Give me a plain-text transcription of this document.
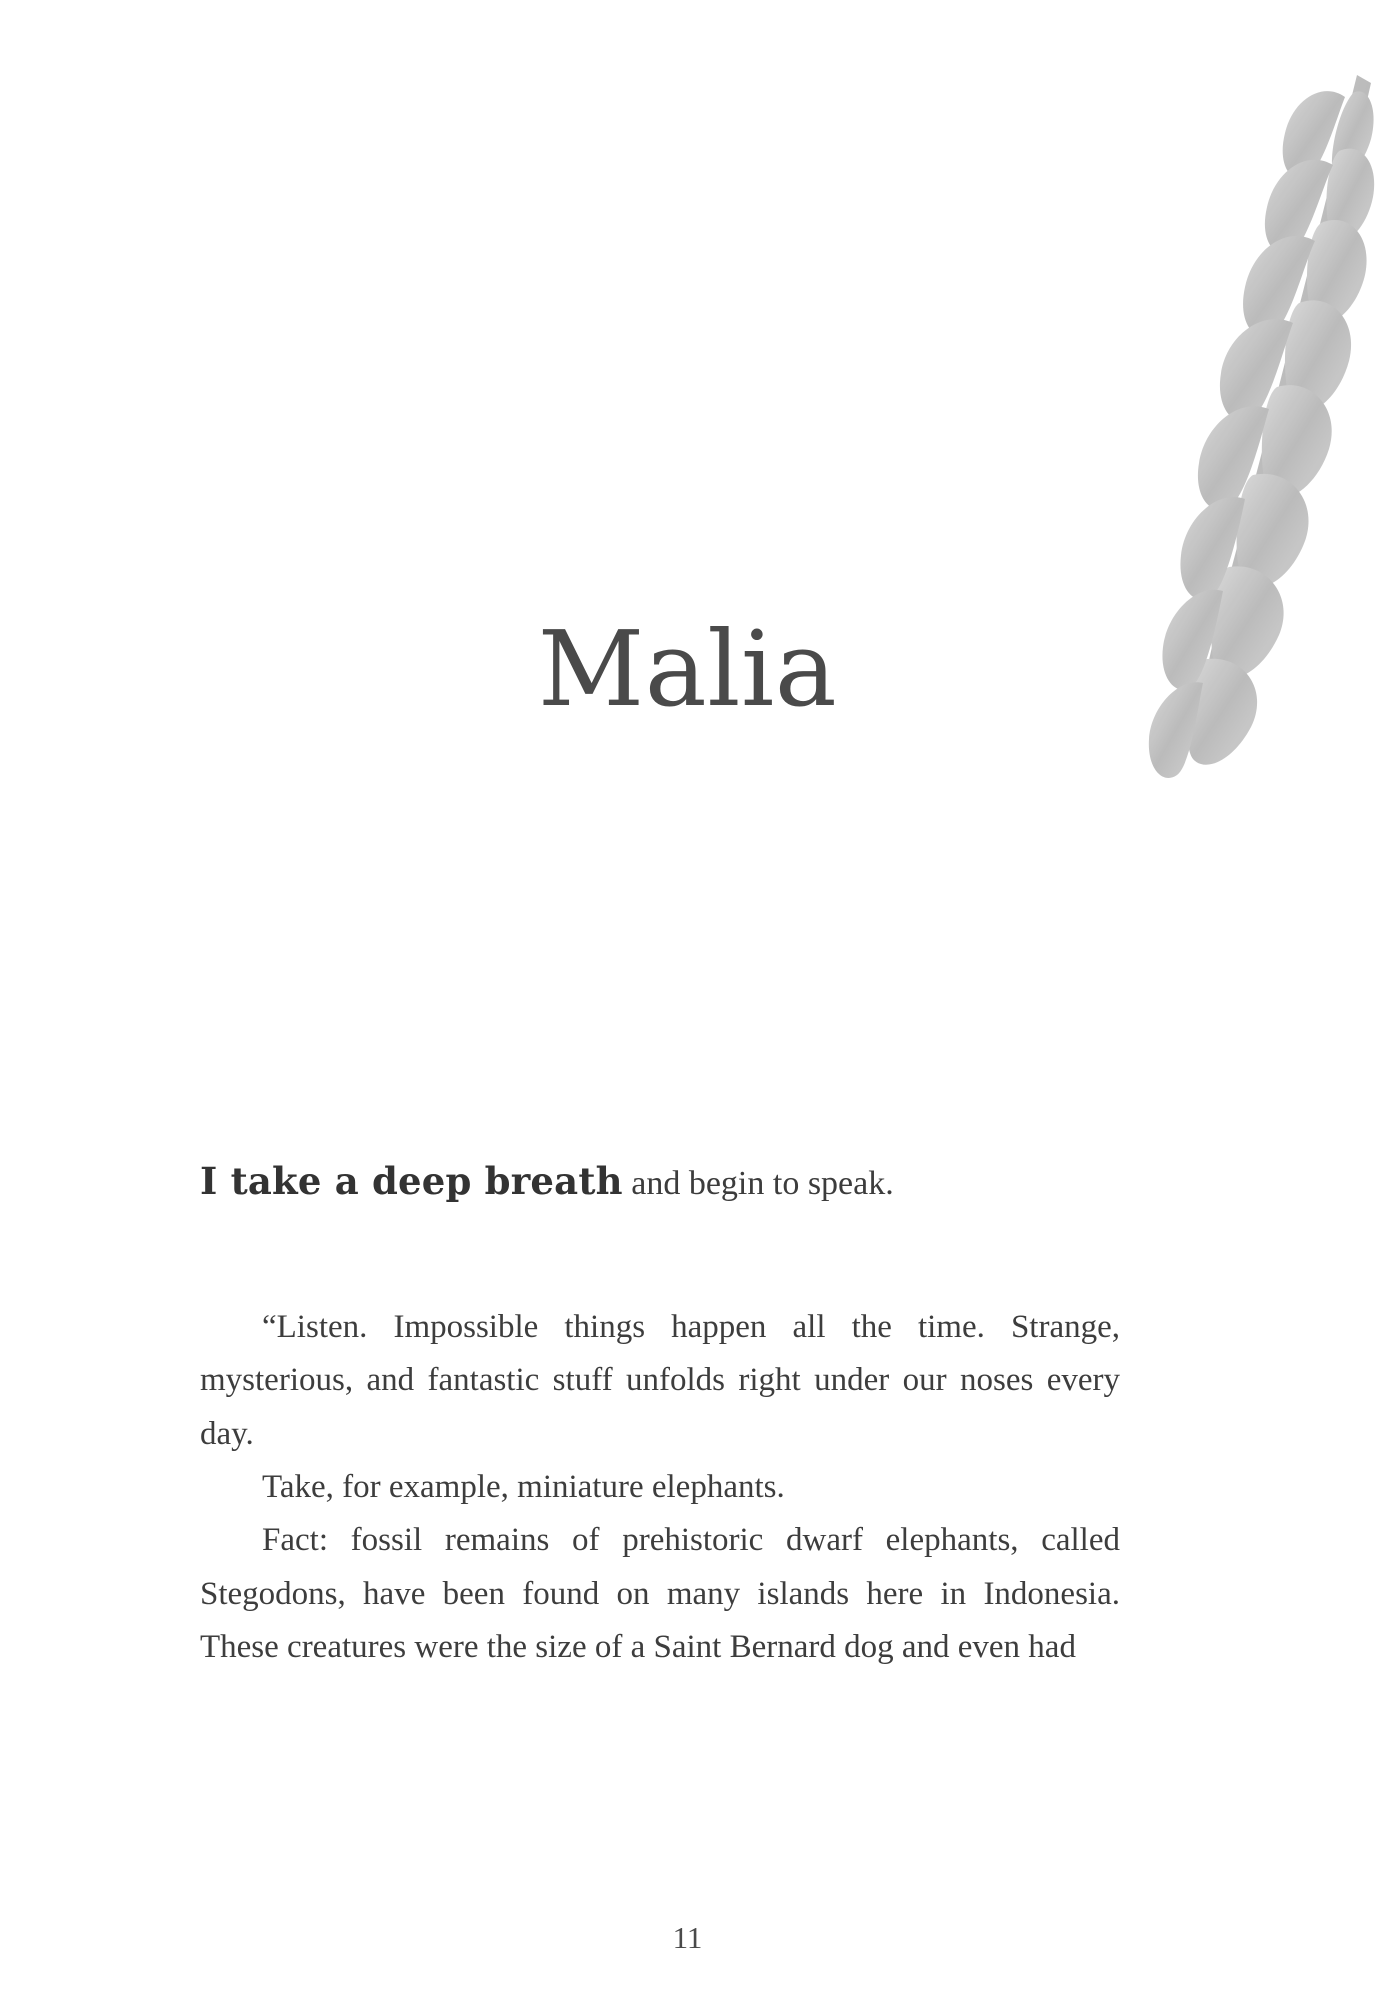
Malia

I take a deep breath and begin to speak.

“Listen. Impossible things happen all the time. Strange, mysterious, and fantastic stuff unfolds right under our noses every day.

Take, for example, miniature elephants.

Fact: fossil remains of prehistoric dwarf elephants, called Stegodons, have been found on many islands here in Indonesia. These creatures were the size of a Saint Bernard dog and even had

11
